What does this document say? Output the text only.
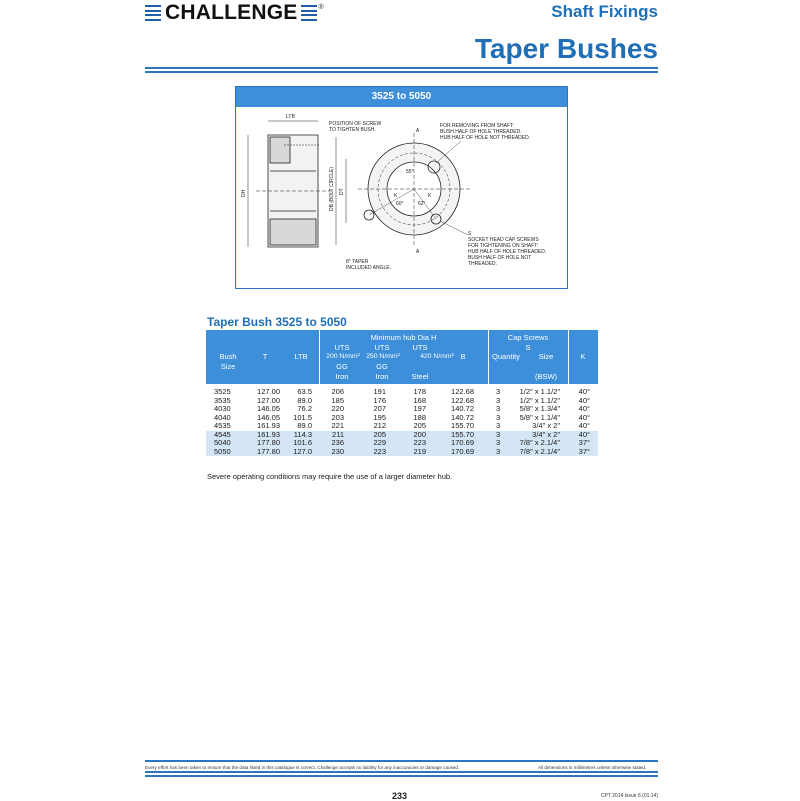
CHALLENGE	®	Shaft Fixings
Taper Bushes
3525 to 5050
LTB
DH	DB (BOLT CIRCLE) DT
POSITION OF SCREW
TO TIGHTEN BUSH.	A
A
55°
60°	62°
K	K
FOR REMOVING FROM SHAFT:
BUSH HALF OF HOLE THREADED.
HUB HALF OF HOLE NOT THREADED.
S
SOCKET HEAD CAP SCREWS
FOR TIGHTENING ON SHAFT:
HUB HALF OF HOLE THREADED.
BUSH HALF OF HOLE NOT
THREADED.
8° TAPER
INCLUDED ANGLE.
Taper Bush 3525 to 5050
Bush
Size
T	LTB
Minimum hub Dia H
UTS	UTS	UTS
200 N/mm² 250 N/mm²	420 N/mm²
GG	GG
Iron	Iron	Steel
B
Cap Screws
S
Quantity	Size
(BSW)
K
3525	127.00	63.5	206	191	178	122.68	3	1/2" x 1.1/2"	40°
3535	127.00	89.0	185	176	168	122.68	3	1/2" x 1.1/2"	40°
4030	146.05	76.2	220	207	197	140.72	3	5/8" x 1.3/4"	40°
4040	146.05	101.5	203	195	188	140.72	3	5/8" x 1.1/4"	40°
4535	161.93	89.0	221	212	205	155.70	3	3/4" x 2"	40°
4545	161.93	114.3	211	205	200	155.70	3	3/4" x 2"	40°
5040	177.80	101.6	236	229	223	170.69	3	7/8" x 2.1/4"	37°
5050	177.80	127.0	230	223	219	170.69	3	7/8" x 2.1/4"	37°
Severe operating conditions may require the use of a larger diameter hub.
Every effort has been taken to ensure that the data listed in this catalogue is correct. Challenge accepts no liability for any inaccuracies or damage caused.	All dimensions in millimetres unless otherwise stated.
233	CPT 2014 Issue 6 (01.14)
